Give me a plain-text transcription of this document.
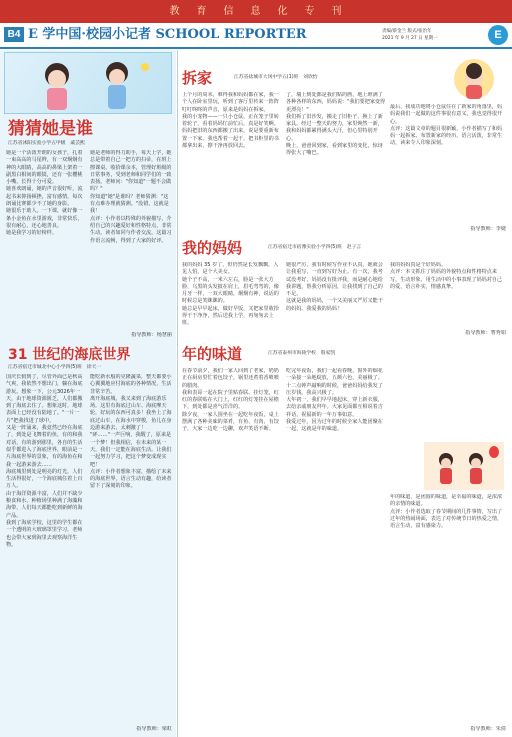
教育信息化专刊
B4 E 学中国·校园小记者 SCHOOL REPORTER	责编/蔡金兰 版式/张治年
2021 年 9 月 27 日 星期一	E
猜猜她是谁
江苏省沭阳实验小学五甲级　 戚芸熙
她是一个活泼开朗的女孩子，扎着一束高高的马尾辫，有一双炯炯有神的大眼睛，高高的鼻梁上架着一副黑白相间的眼镜，还有一张樱桃小嘴，长得十分可爱。
她喜欢朗诵，她的声音很好听，流起书来抑扬顿挫，富有感情，每次朗诵比赛都少不了她的身影。
她很乐于助人。一下课，就好像一条小金鱼在水里游戏，非常快乐，很有耐心，还心地善良。
她是我学习的好榜样。
她是老师的得力助手，每天上学，她总是带着自己一把方的扫帚，在班上擦课桌、收拾课余本，管理好班级的日常事务，受到老师和同学们的一致表扬。老师问："你知道"一题不会做吗？"
你知道"她"是谁吗？老师猜测："这有点难办理就猜测。"没错，这就是我！
点评：小作者以特殊的外貌描写，介绍自己的兴趣爱好和性格特点，非常生动。读者如同与作者交流，这篇习作语言流畅，得到了大家的好评。
指导教师：杨慧丽
31 世纪的海底世界
江苏省宿迁市城北中心小学四(5)班　 徐天一
国庆长假到了，尽管外面已是秋高气爽，我依然不想出门，躺在海底游玩。想象一下，公元3026年一天，由于地球资源匮乏，人们都搬到了海底去住了。想象这时，地球表面上已经没有陆地了。"一片一片"把我找进了球中。
又是一阵涌来，我竟然已经在海底了，到处是飞舞着的鱼，有的和我对话，有的游到那里，各自的生活似乎都进入了海底世界，眼前是一片海底世界的景象，有的海鱼在和我一起游来游去……
海底城里到处是明亮的灯光，人们生活得很好，一个海底城住着上百万人。
由于海洋资源丰富，人们并不缺少粮食和水，种植场里种满了海藻和海带，人们每天都能吃到新鲜的海产品。
我到了海底学校，这里的学生都在一个透明的大玻璃罩里学习，老师也会带大家到海里去观察海洋生物。
能吃新水般的克隆蔬菜，整天都要小心翼翼地应付海底的各种情况，生活非常辛苦。
离开海底城，我又来到了海底游乐场。这里有海底过山车、海底摩天轮，好玩的东西可真多！我坐上了海底过山车，在海水中穿梭，鱼儿在身边游来游去，太刺激了！
"砰……"一声巨响，我醒了，原来是一个梦！但我相信，在未来的某一天，我们一定能在海底生活。让我们一起努力学习，把这个梦变成现实吧！
点评：小作者想象丰富，描绘了未来的海底世界，语言生动有趣，给读者留下了深刻的印象。
指导教师：梁虹
拆家	江苏省盐城市大冈中学五(1)班　 刘欣怡
上个月的周末，难得我和妈妈都在家，我一个人在卧室里玩，听到了客厅里传来一阵阵叮叮咚咚的声音，原来是妈妈在拆家。
我的小宠物——一只小仓鼠，正在笼子里转着轮子，看着妈妈忙前忙后，真是好笑啊。
妈妈把旧的东西都搬了出来，说是要重新布置一下家。我也帮着一起干，把书柜里的书都拿出来，擦干净再放回去。
了，墙上到处都是我们贴的画，地上堆满了各种各样的东西，妈妈说："我们要把家变得更漂亮！"
我们拆了旧沙发，搬走了旧柜子，换上了新家具。经过一整天的努力，家里焕然一新，我和妈妈都累得满头大汗，但心里特别开心。
晚上，爸爸回到家，看到家里的变化，惊讶得张大了嘴巴。
最后，我成功地将小仓鼠住在了新家的角落里，妈妈说我们一起做的这件事很有意义，我也觉得很开心。
点评：这篇文章的题目很新颖，小作者描写了和妈妈一起拆家、布置新家的经历，语言活泼，非常生动，读来令人印象深刻。
指导教师：李婕
我的妈妈	江苏省宿迁市宿豫实验小学四(5)班　 赵子言
我的妈妈 35 岁了，但仍然是长发飘飘，人见人怕，是个大美女。
她个子不高，一米六左右，脸是一张大方脸，乌黑的头发披在肩上，眉毛弯弯的，像月牙一样，一双大眼睛，炯炯有神，说话的时候总是笑眯眯的。
她总是早早起床，做好早饭，又把家里收拾得干干净净，然后送我上学，再匆匆去上班。
她很严厉，我有时候写作业不认真，她就会让我重写，一直到写好为止。有一次，我考试没考好，妈妈没有批评我，而是耐心地给我讲题，帮我分析原因，让我找到了自己的不足。
这就是我的妈妈，一个又美丽又严厉又能干的妈妈。我爱我的妈妈！
我的妈妈真是个好妈妈。
点评：本文抓住了妈妈的外貌特点和性格特点来写，生动形象，用生活中的小事表现了妈妈对自己的爱，语言朴实，情感真挚。
指导教师：曹秀娟
年的味道	江苏省泰州市海陵学校　 殷家凯
在春节前夕，我们一家人回到了老家，奶奶正在厨房里忙着包饺子，锅里还煮着香喷喷的腊肉。
我和表哥一起在院子里贴春联、挂灯笼，红红的春联贴在大门上，红红的灯笼挂在屋檐下，到处都是喜气洋洋的。
除夕夜，一家人围坐在一起吃年夜饭，桌上摆满了各种美味的菜肴，有鱼、有肉、有饺子。大家一边吃一边聊，欢声笑语不断。
吃完年夜饭，我们一起看春晚，窗外的烟花一朵接一朵地绽放，五颜六色，美丽极了。
十二点钟声敲响的时候，爸爸妈妈给我发了压岁钱，我高兴极了。
大年初一，我们早早地起床，穿上新衣服，去给亲戚朋友拜年。大家见面都互相说着吉祥话，祝福新的一年万事如意。
我爱过年，因为过年的时候全家人能团聚在一起，这就是年的味道。
年的味道，是团圆的味道，是幸福的味道，是浓浓的亲情的味道。
点评：小作者选取了春节期间的几件事情，写出了过年的热闹场面，表达了对传统节日的热爱之情，语言生动，富有感染力。
指导教师：朱倩
